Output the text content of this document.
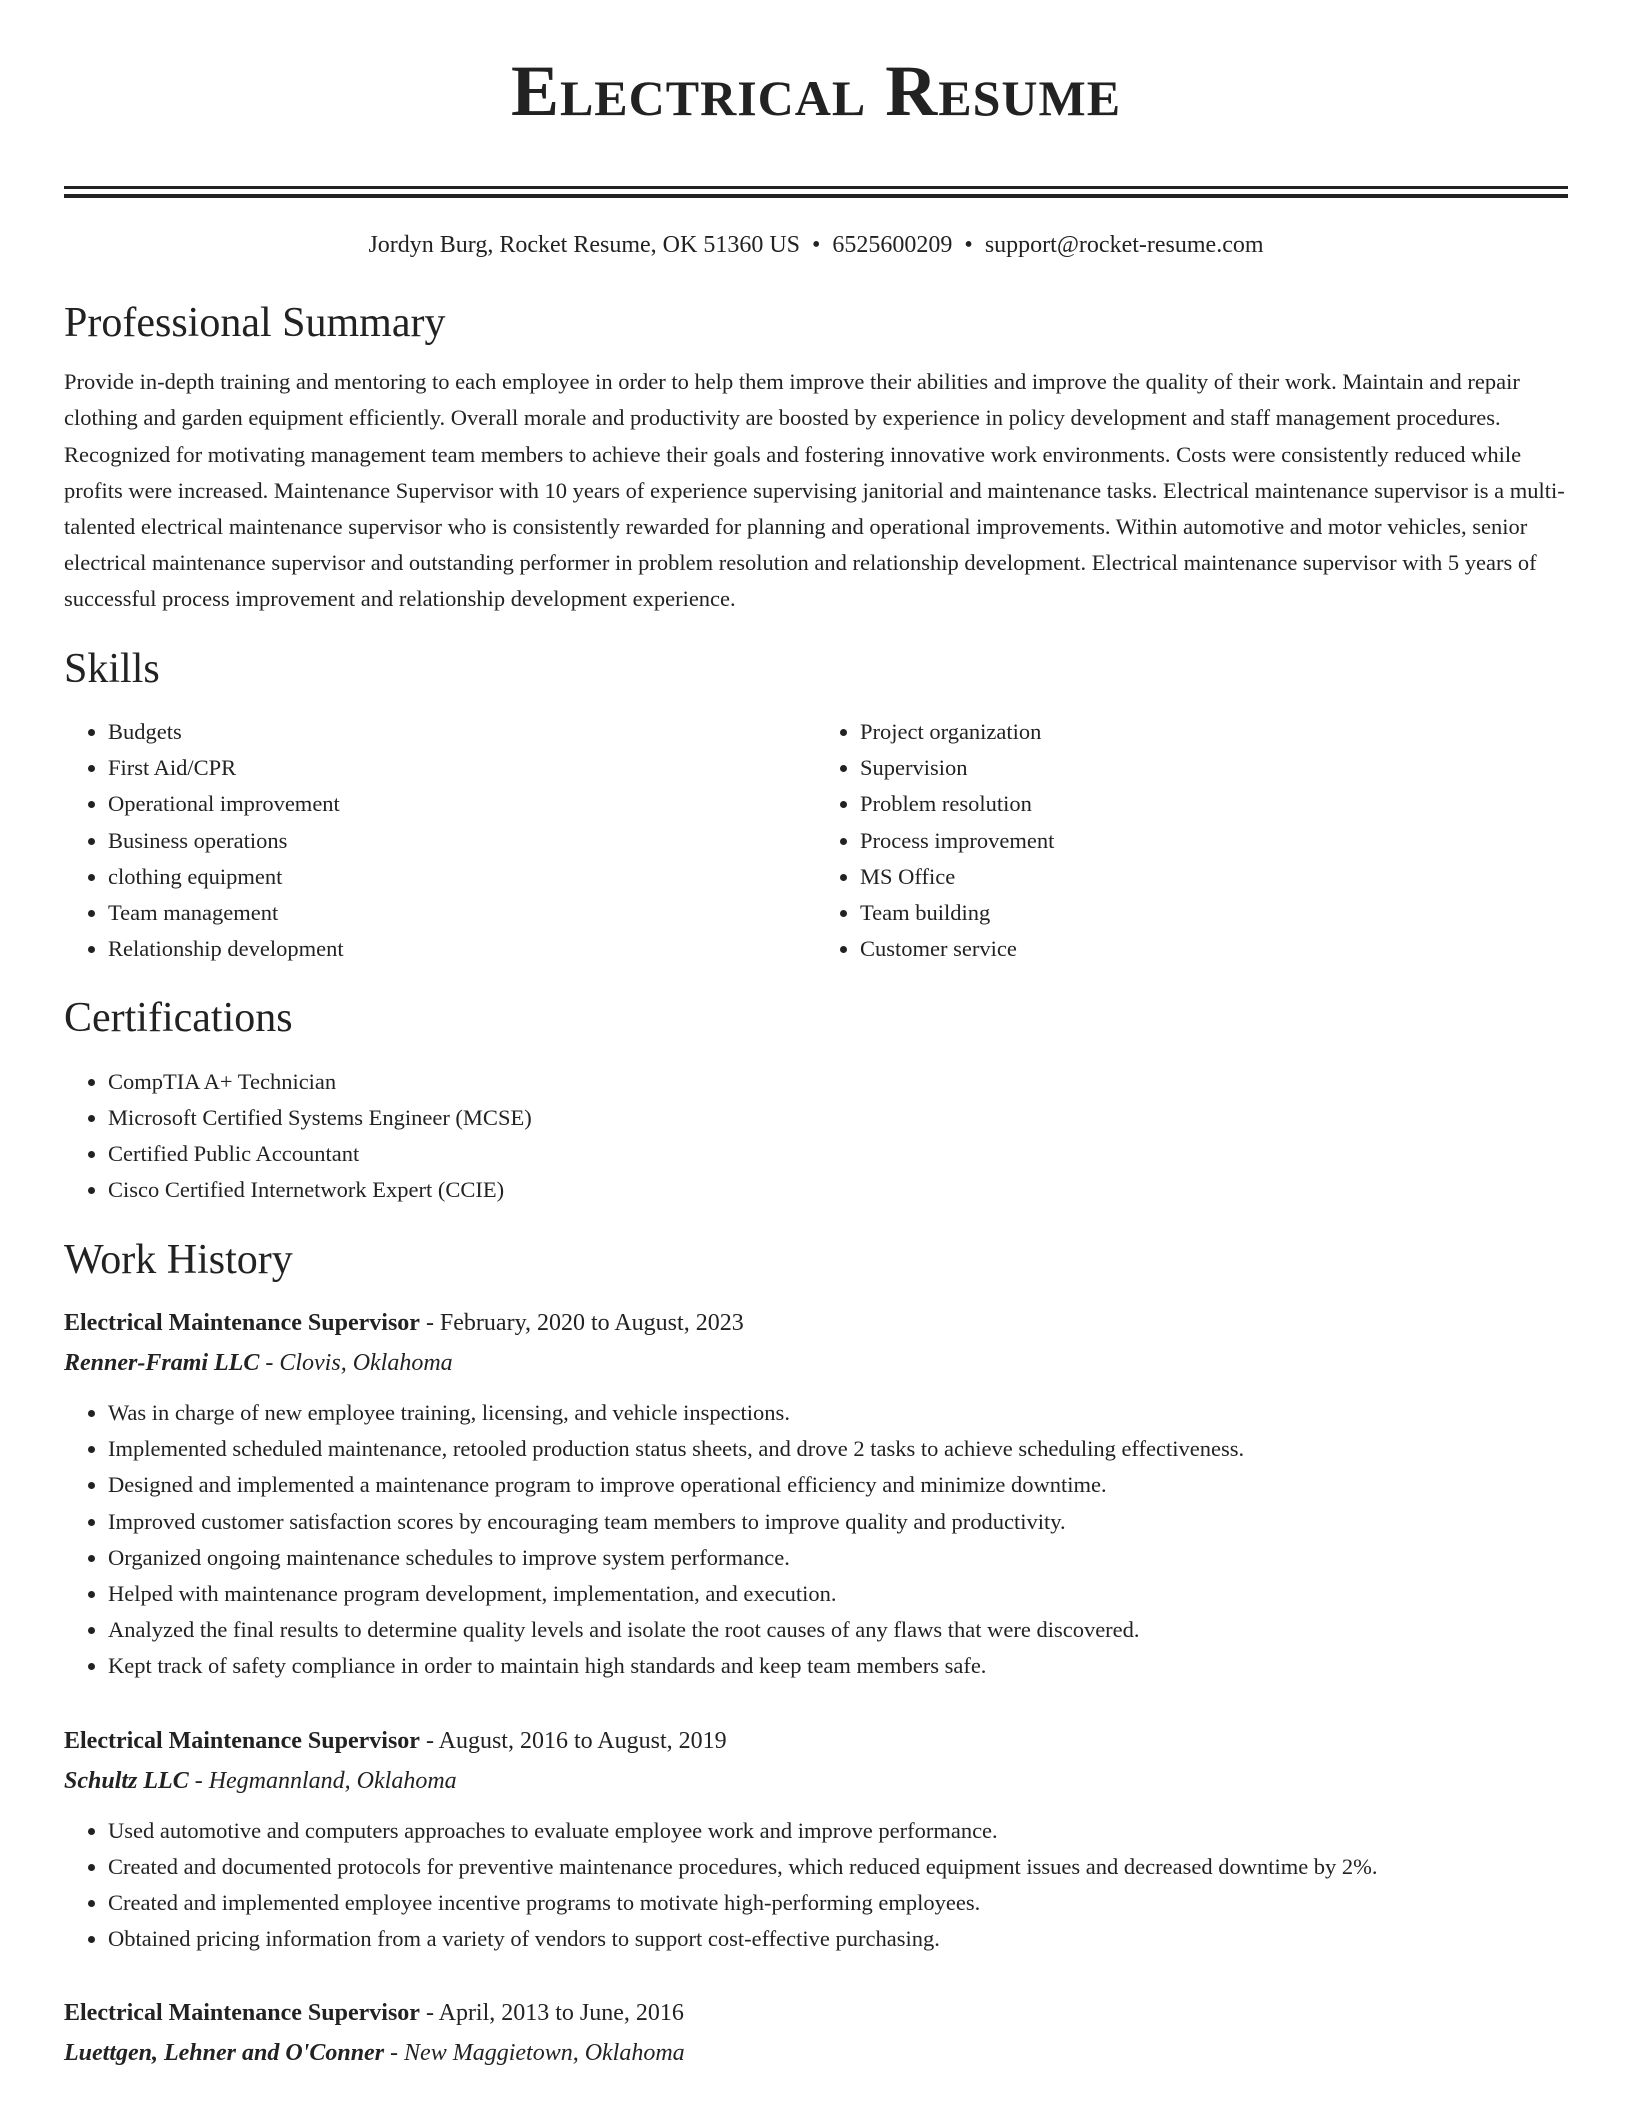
Electrical Resume
Jordyn Burg, Rocket Resume, OK 51360 US • 6525600209 • support@rocket-resume.com
Professional Summary

Provide in-depth training and mentoring to each employee in order to help them improve their abilities and improve the quality of their work. Maintain and repair clothing and garden equipment efficiently. Overall morale and productivity are boosted by experience in policy development and staff management procedures. Recognized for motivating management team members to achieve their goals and fostering innovative work environments. Costs were consistently reduced while profits were increased. Maintenance Supervisor with 10 years of experience supervising janitorial and maintenance tasks. Electrical maintenance supervisor is a multi-talented electrical maintenance supervisor who is consistently rewarded for planning and operational improvements. Within automotive and motor vehicles, senior electrical maintenance supervisor and outstanding performer in problem resolution and relationship development. Electrical maintenance supervisor with 5 years of successful process improvement and relationship development experience.

Skills
• Budgets
• First Aid/CPR
• Operational improvement
• Business operations
• clothing equipment
• Team management
• Relationship development
• Project organization
• Supervision
• Problem resolution
• Process improvement
• MS Office
• Team building
• Customer service
Certifications
• CompTIA A+ Technician
• Microsoft Certified Systems Engineer (MCSE)
• Certified Public Accountant
• Cisco Certified Internetwork Expert (CCIE)
Work History
Electrical Maintenance Supervisor - February, 2020 to August, 2023
Renner-Frami LLC - Clovis, Oklahoma
• Was in charge of new employee training, licensing, and vehicle inspections.
• Implemented scheduled maintenance, retooled production status sheets, and drove 2 tasks to achieve scheduling effectiveness.
• Designed and implemented a maintenance program to improve operational efficiency and minimize downtime.
• Improved customer satisfaction scores by encouraging team members to improve quality and productivity.
• Organized ongoing maintenance schedules to improve system performance.
• Helped with maintenance program development, implementation, and execution.
• Analyzed the final results to determine quality levels and isolate the root causes of any flaws that were discovered.
• Kept track of safety compliance in order to maintain high standards and keep team members safe.
Electrical Maintenance Supervisor - August, 2016 to August, 2019
Schultz LLC - Hegmannland, Oklahoma
• Used automotive and computers approaches to evaluate employee work and improve performance.
• Created and documented protocols for preventive maintenance procedures, which reduced equipment issues and decreased downtime by 2%.
• Created and implemented employee incentive programs to motivate high-performing employees.
• Obtained pricing information from a variety of vendors to support cost-effective purchasing.
Electrical Maintenance Supervisor - April, 2013 to June, 2016
Luettgen, Lehner and O'Conner - New Maggietown, Oklahoma
